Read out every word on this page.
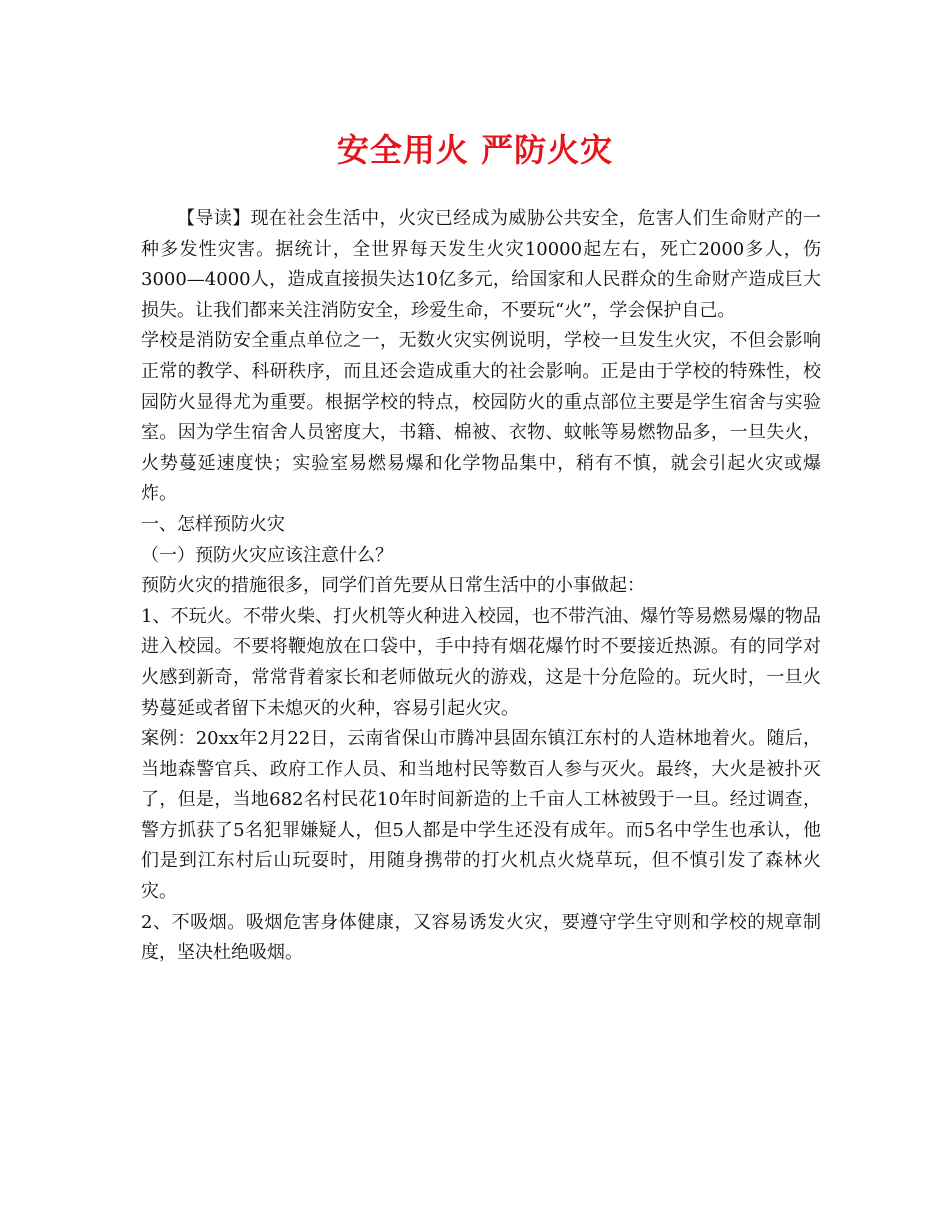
安全用火 严防火灾

【导读】现在社会生活中，火灾已经成为威胁公共安全，危害人们生命财产的一种多发性灾害。据统计，全世界每天发生火灾10000起左右，死亡2000多人，伤3000—4000人，造成直接损失达10亿多元，给国家和人民群众的生命财产造成巨大损失。让我们都来关注消防安全，珍爱生命，不要玩“火”，学会保护自己。

学校是消防安全重点单位之一，无数火灾实例说明，学校一旦发生火灾，不但会影响正常的教学、科研秩序，而且还会造成重大的社会影响。正是由于学校的特殊性，校园防火显得尤为重要。根据学校的特点，校园防火的重点部位主要是学生宿舍与实验室。因为学生宿舍人员密度大，书籍、棉被、衣物、蚊帐等易燃物品多，一旦失火，火势蔓延速度快；实验室易燃易爆和化学物品集中，稍有不慎，就会引起火灾或爆炸。

一、怎样预防火灾

（一）预防火灾应该注意什么？

预防火灾的措施很多，同学们首先要从日常生活中的小事做起：

1、不玩火。不带火柴、打火机等火种进入校园，也不带汽油、爆竹等易燃易爆的物品进入校园。不要将鞭炮放在口袋中，手中持有烟花爆竹时不要接近热源。有的同学对火感到新奇，常常背着家长和老师做玩火的游戏，这是十分危险的。玩火时，一旦火势蔓延或者留下未熄灭的火种，容易引起火灾。

案例：20xx年2月22日，云南省保山市腾冲县固东镇江东村的人造林地着火。随后，当地森警官兵、政府工作人员、和当地村民等数百人参与灭火。最终，大火是被扑灭了，但是，当地682名村民花10年时间新造的上千亩人工林被毁于一旦。经过调查，警方抓获了5名犯罪嫌疑人，但5人都是中学生还没有成年。而5名中学生也承认，他们是到江东村后山玩耍时，用随身携带的打火机点火烧草玩，但不慎引发了森林火灾。

2、不吸烟。吸烟危害身体健康，又容易诱发火灾，要遵守学生守则和学校的规章制度，坚决杜绝吸烟。
